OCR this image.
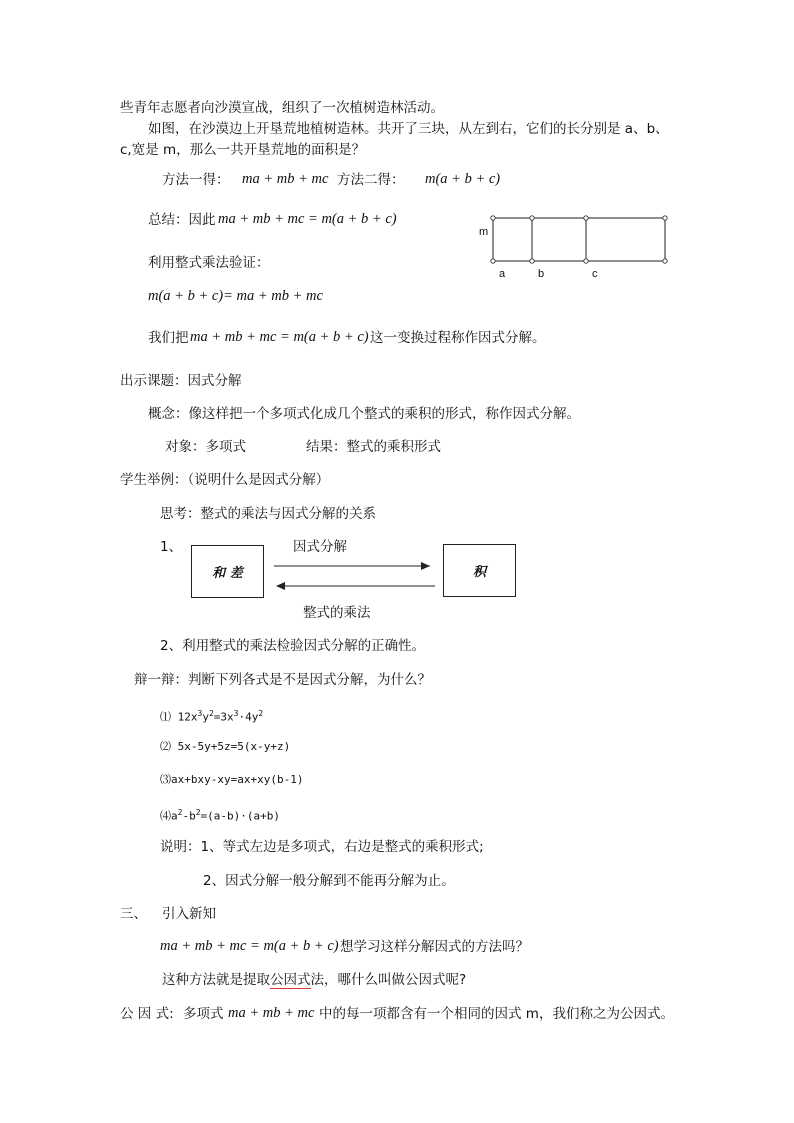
些青年志愿者向沙漠宣战，组织了一次植树造林活动。
如图，在沙漠边上开垦荒地植树造林。共开了三块，从左到右，它们的长分别是 a、b、
c,宽是 m，那么一共开垦荒地的面积是？
方法一得： ma + mb + mc 方法二得： m(a + b + c)
总结：因此 ma + mb + mc = m(a + b + c)
m
a	b	c
利用整式乘法验证：
m(a + b + c)= ma + mb + mc
我们把 ma + mb + mc = m(a + b + c) 这一变换过程称作因式分解。
出示课题：因式分解
概念：像这样把一个多项式化成几个整式的乘积的形式，称作因式分解。
对象：多项式	结果：整式的乘积形式
学生举例：（说明什么是因式分解）
思考：整式的乘法与因式分解的关系
1、
和 差	积
因式分解
整式的乘法
2、利用整式的乘法检验因式分解的正确性。
辩一辩：判断下列各式是不是因式分解，为什么？
⑴ $12x^3y^2=3x^3\cdot 4y^2$
⑵ 5x-5y+5z=5(x-y+z)
⑶ax+bxy-xy=ax+xy(b-1)
$⑷a^2-b^2=(a-b)\cdot(a+b)$
说明：1、等式左边是多项式，右边是整式的乘积形式;
2、因式分解一般分解到不能再分解为止。
三、 引入新知
ma + mb + mc = m(a + b + c) 想学习这样分解因式的方法吗？
这种方法就是提取公因式法，哪什么叫做公因式呢?
公 因 式: 多项式 ma + mb + mc 中的每一项都含有一个相同的因式 m，我们称之为公因式。
